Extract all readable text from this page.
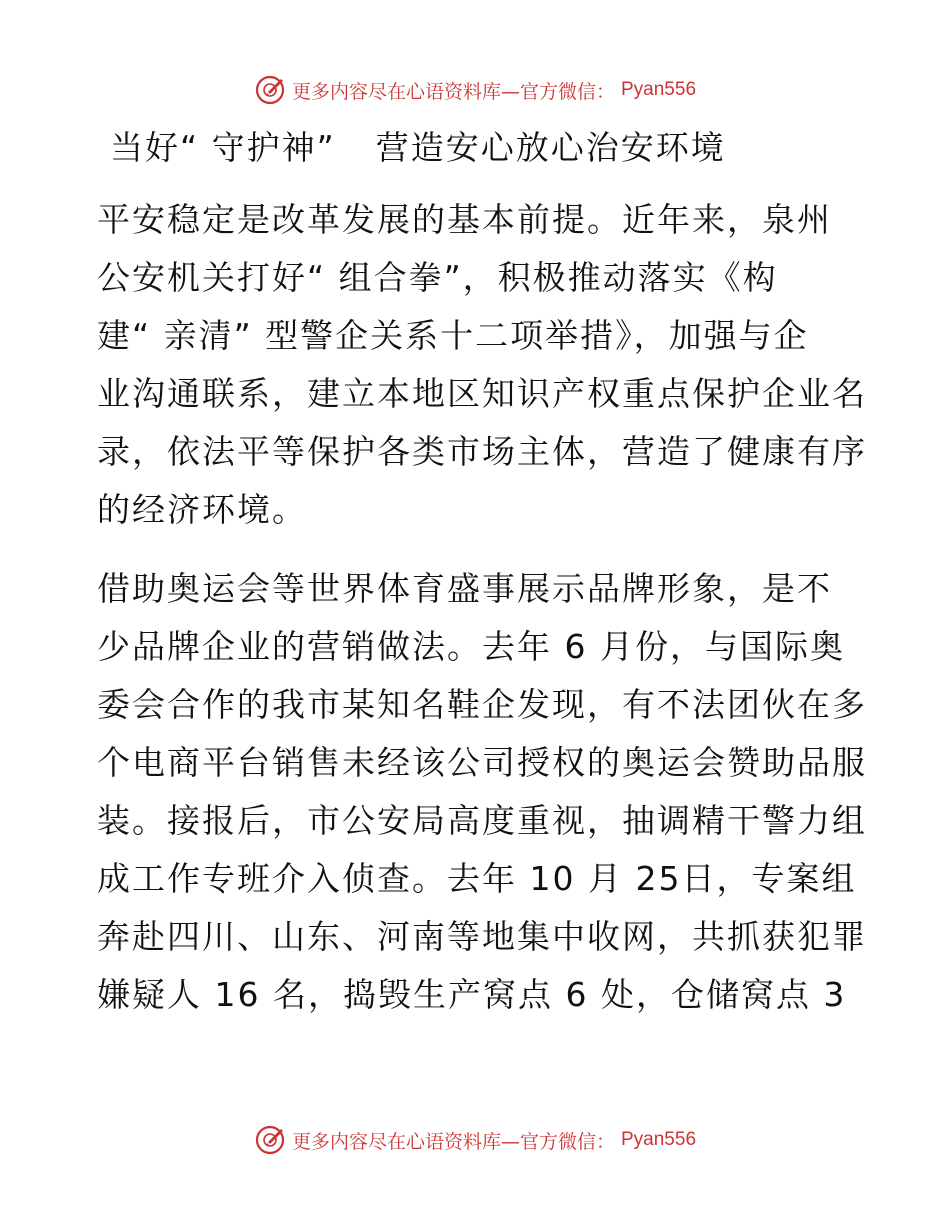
更多内容尽在心语资料库—官方微信： Pyan556
当好“ 守护神” 营造安心放心治安环境
平安稳定是改革发展的基本前提。近年来，泉州
公安机关打好“ 组合拳”，积极推动落实《构
建“ 亲清” 型警企关系十二项举措》，加强与企
业沟通联系，建立本地区知识产权重点保护企业名
录，依法平等保护各类市场主体，营造了健康有序
的经济环境。
借助奥运会等世界体育盛事展示品牌形象，是不
少品牌企业的营销做法。去年 6 月份，与国际奥
委会合作的我市某知名鞋企发现，有不法团伙在多
个电商平台销售未经该公司授权的奥运会赞助品服
装。接报后，市公安局高度重视，抽调精干警力组
成工作专班介入侦查。去年 10 月 25日，专案组
奔赴四川、山东、河南等地集中收网，共抓获犯罪
嫌疑人 16 名，捣毁生产窝点 6 处，仓储窝点 3
更多内容尽在心语资料库—官方微信： Pyan556
